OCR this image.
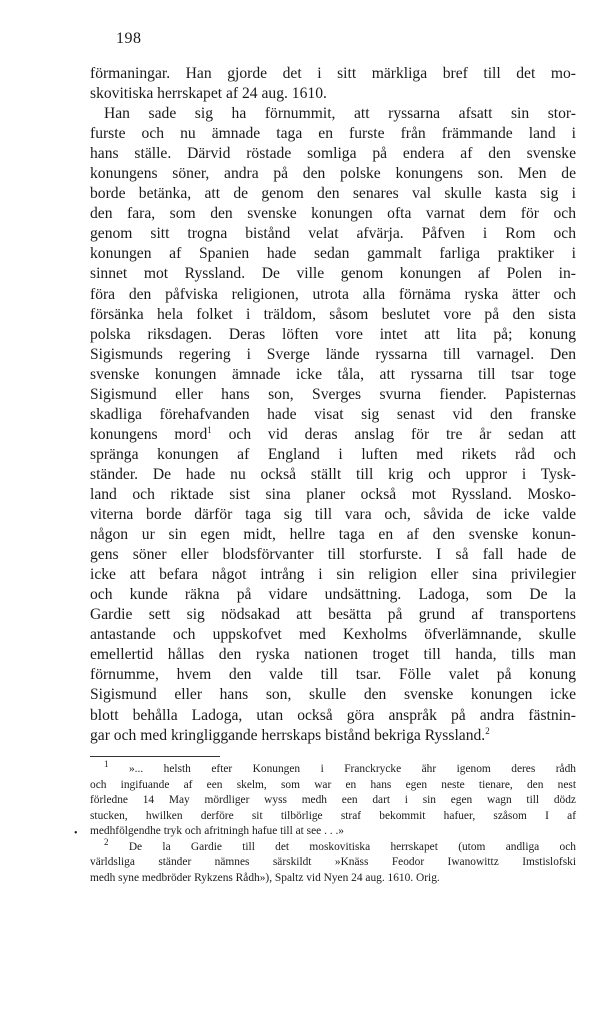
198
förmaningar. Han gjorde det i sitt märkliga bref till det mo-
skovitiska herrskapet af 24 aug. 1610.
Han sade sig ha förnummit, att ryssarna afsatt sin stor-
furste och nu ämnade taga en furste från främmande land i
hans ställe. Därvid röstade somliga på endera af den svenske
konungens söner, andra på den polske konungens son. Men de
borde betänka, att de genom den senares val skulle kasta sig i
den fara, som den svenske konungen ofta varnat dem för och
genom sitt trogna bistånd velat afvärja. Påfven i Rom och
konungen af Spanien hade sedan gammalt farliga praktiker i
sinnet mot Ryssland. De ville genom konungen af Polen in-
föra den påfviska religionen, utrota alla förnäma ryska ätter och
försänka hela folket i träldom, såsom beslutet vore på den sista
polska riksdagen. Deras löften vore intet att lita på; konung
Sigismunds regering i Sverge lände ryssarna till varnagel. Den
svenske konungen ämnade icke tåla, att ryssarna till tsar toge
Sigismund eller hans son, Sverges svurna fiender. Papisternas
skadliga förehafvanden hade visat sig senast vid den franske
konungens mord$^1$ och vid deras anslag för tre år sedan att
spränga konungen af England i luften med rikets råd och
ständer. De hade nu också ställt till krig och uppror i Tysk-
land och riktade sist sina planer också mot Ryssland. Mosko-
viterna borde därför taga sig till vara och, såvida de icke valde
någon ur sin egen midt, hellre taga en af den svenske konun-
gens söner eller blodsförvanter till storfurste. I så fall hade de
icke att befara något intrång i sin religion eller sina privilegier
och kunde räkna på vidare undsättning. Ladoga, som De la
Gardie sett sig nödsakad att besätta på grund af transportens
antastande och uppskofvet med Kexholms öfverlämnande, skulle
emellertid hållas den ryska nationen troget till handa, tills man
förnumme, hvem den valde till tsar. Fölle valet på konung
Sigismund eller hans son, skulle den svenske konungen icke
blott behålla Ladoga, utan också göra anspråk på andra fästnin-
gar och med kringliggande herrskaps bistånd bekriga Ryssland.$^2$
•
$^1$ »... helsth efter Konungen i Franckrycke ähr igenom deres rådh
och ingifuande af een skelm, som war en hans egen neste tienare, den nest
förledne 14 May mördliger wyss medh een dart i sin egen wagn till dödz
stucken, hwilken derföre sit tilbörlige straf bekommit hafuer, szåsom I af
medhfölgendhe tryk och afritningh hafue till at see . . .»
$^2$ De la Gardie till det moskovitiska herrskapet (utom andliga och
världsliga ständer nämnes särskildt »Knäss Feodor Iwanowittz Imstislofski
medh syne medbröder Rykzens Rådh»), Spaltz vid Nyen 24 aug. 1610. Orig.
